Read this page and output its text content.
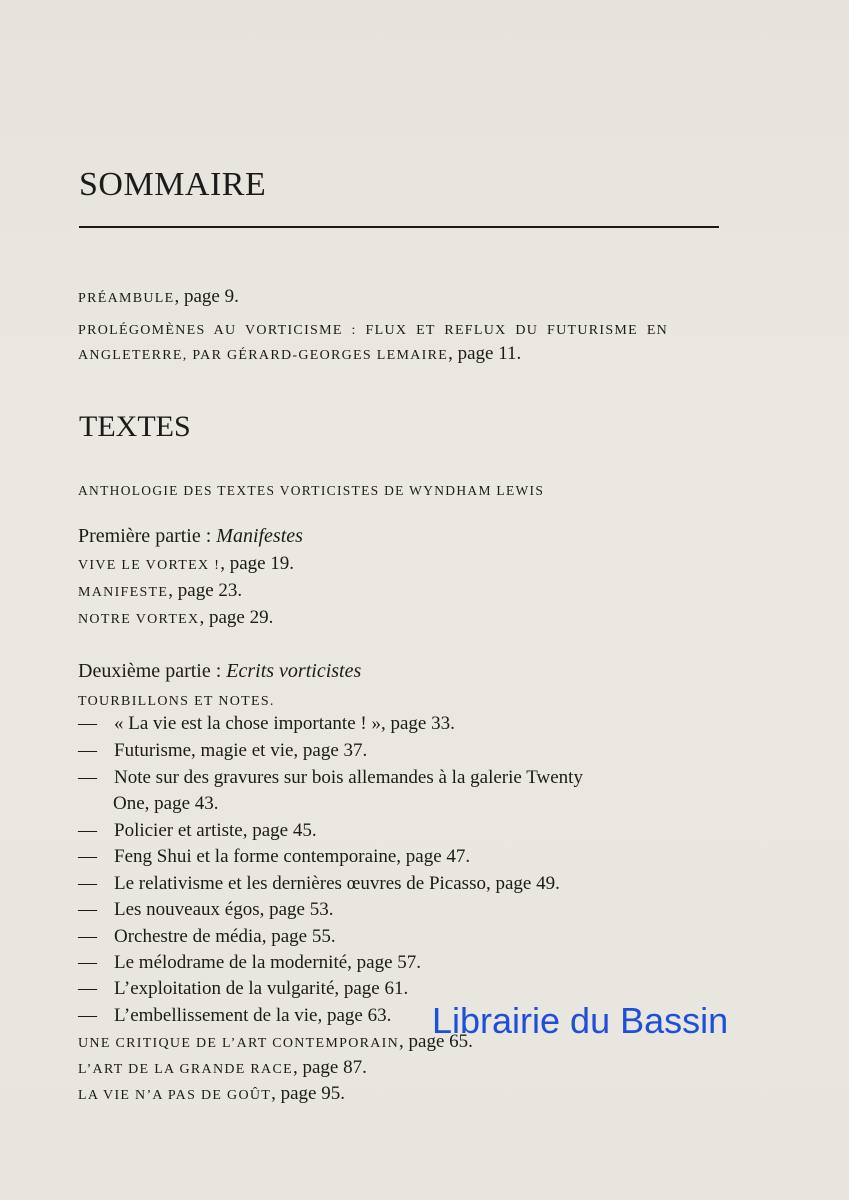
SOMMAIRE
PRÉAMBULE, page 9.
PROLÉGOMÈNES AU VORTICISME : FLUX ET REFLUX DU FUTURISME EN
ANGLETERRE, PAR GÉRARD-GEORGES LEMAIRE, page 11.
TEXTES
ANTHOLOGIE DES TEXTES VORTICISTES DE WYNDHAM LEWIS
Première partie : Manifestes
VIVE LE VORTEX !, page 19.
MANIFESTE, page 23.
NOTRE VORTEX, page 29.
Deuxième partie : Ecrits vorticistes
TOURBILLONS ET NOTES.
— « La vie est la chose importante ! », page 33.
— Futurisme, magie et vie, page 37.
— Note sur des gravures sur bois allemandes à la galerie Twenty
One, page 43.
— Policier et artiste, page 45.
— Feng Shui et la forme contemporaine, page 47.
— Le relativisme et les dernières œuvres de Picasso, page 49.
— Les nouveaux égos, page 53.
— Orchestre de média, page 55.
— Le mélodrame de la modernité, page 57.
— L’exploitation de la vulgarité, page 61.
— L’embellissement de la vie, page 63.
UNE CRITIQUE DE L’ART CONTEMPORAIN, page 65.
L’ART DE LA GRANDE RACE, page 87.
LA VIE N’A PAS DE GOÛT, page 95.
Librairie du Bassin
